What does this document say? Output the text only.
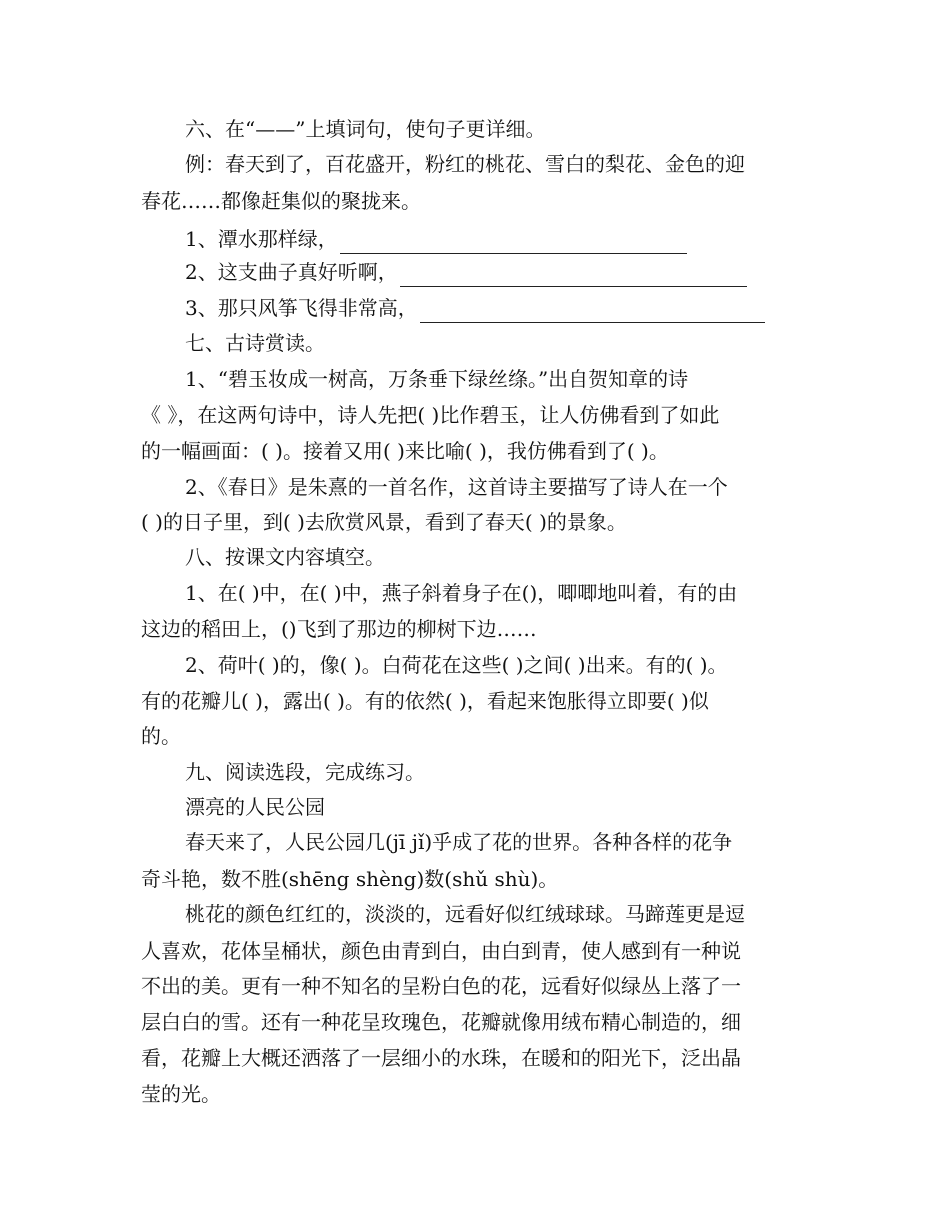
六、在“——”上填词句，使句子更详细。
例：春天到了，百花盛开，粉红的桃花、雪白的梨花、金色的迎
春花……都像赶集似的聚拢来。
1、潭水那样绿，
2、这支曲子真好听啊，
3、那只风筝飞得非常高，
七、古诗赏读。
1、“碧玉妆成一树高，万条垂下绿丝绦。”出自贺知章的诗
《 》，在这两句诗中，诗人先把( )比作碧玉，让人仿佛看到了如此
的一幅画面：( )。接着又用( )来比喻( )，我仿佛看到了( )。
2、《春日》是朱熹的一首名作，这首诗主要描写了诗人在一个
( )的日子里，到( )去欣赏风景，看到了春天( )的景象。
八、按课文内容填空。
1、在( )中，在( )中，燕子斜着身子在()，唧唧地叫着，有的由
这边的稻田上，()飞到了那边的柳树下边……
2、荷叶( )的，像( )。白荷花在这些( )之间( )出来。有的( )。
有的花瓣儿( )，露出( )。有的依然( )，看起来饱胀得立即要( )似
的。
九、阅读选段，完成练习。
漂亮的人民公园
春天来了，人民公园几(jī jǐ)乎成了花的世界。各种各样的花争
奇斗艳，数不胜(shēng shèng)数(shǔ shù)。
桃花的颜色红红的，淡淡的，远看好似红绒球球。马蹄莲更是逗
人喜欢，花体呈桶状，颜色由青到白，由白到青，使人感到有一种说
不出的美。更有一种不知名的呈粉白色的花，远看好似绿丛上落了一
层白白的雪。还有一种花呈玫瑰色，花瓣就像用绒布精心制造的，细
看，花瓣上大概还洒落了一层细小的水珠，在暖和的阳光下，泛出晶
莹的光。
